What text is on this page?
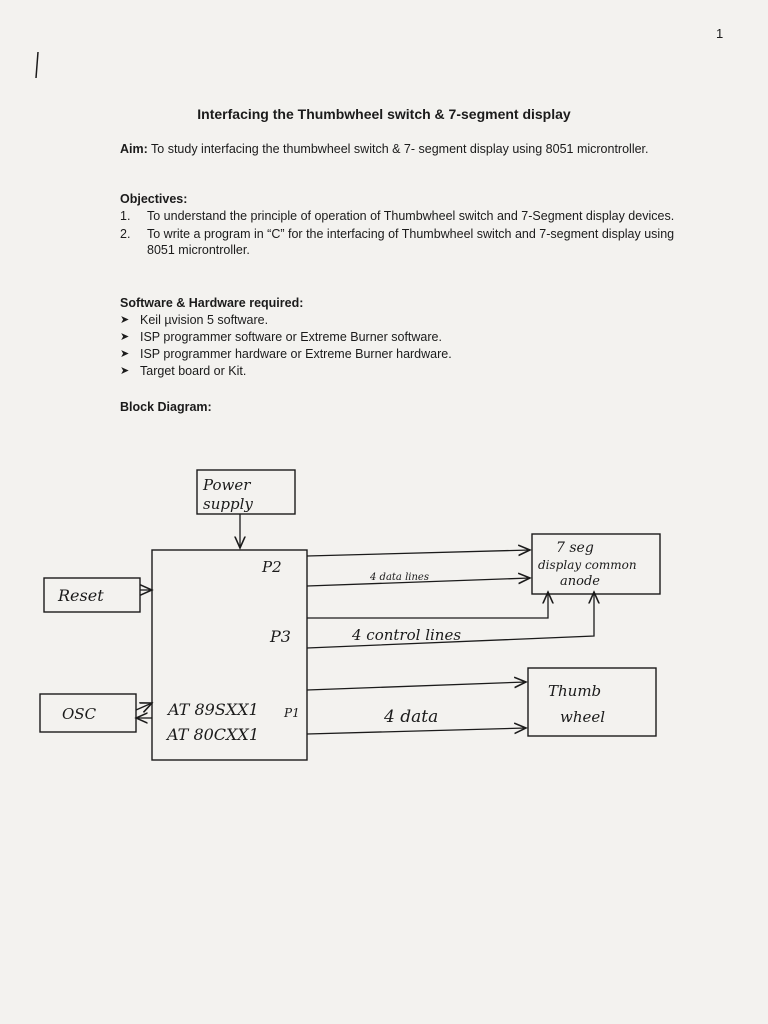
1
Interfacing the Thumbwheel switch & 7-segment display
Aim: To study interfacing the thumbwheel switch & 7- segment display using 8051 microntroller.
Objectives:
1. To understand the principle of operation of Thumbwheel switch and 7-Segment display devices.
2. To write a program in “C” for the interfacing of Thumbwheel switch and 7-segment display using 8051 microntroller.
Software & Hardware required:
➤ Keil µvision 5 software.
➤ ISP programmer software or Extreme Burner software.
➤ ISP programmer hardware or Extreme Burner hardware.
➤ Target board or Kit.
Block Diagram:
Power
supply
P2
P3
P1
AT 89SXX1
AT 80CXX1
Reset
OSC
7 seg
display common
anode
4 data lines
4 control lines
Thumb
wheel
4 data
